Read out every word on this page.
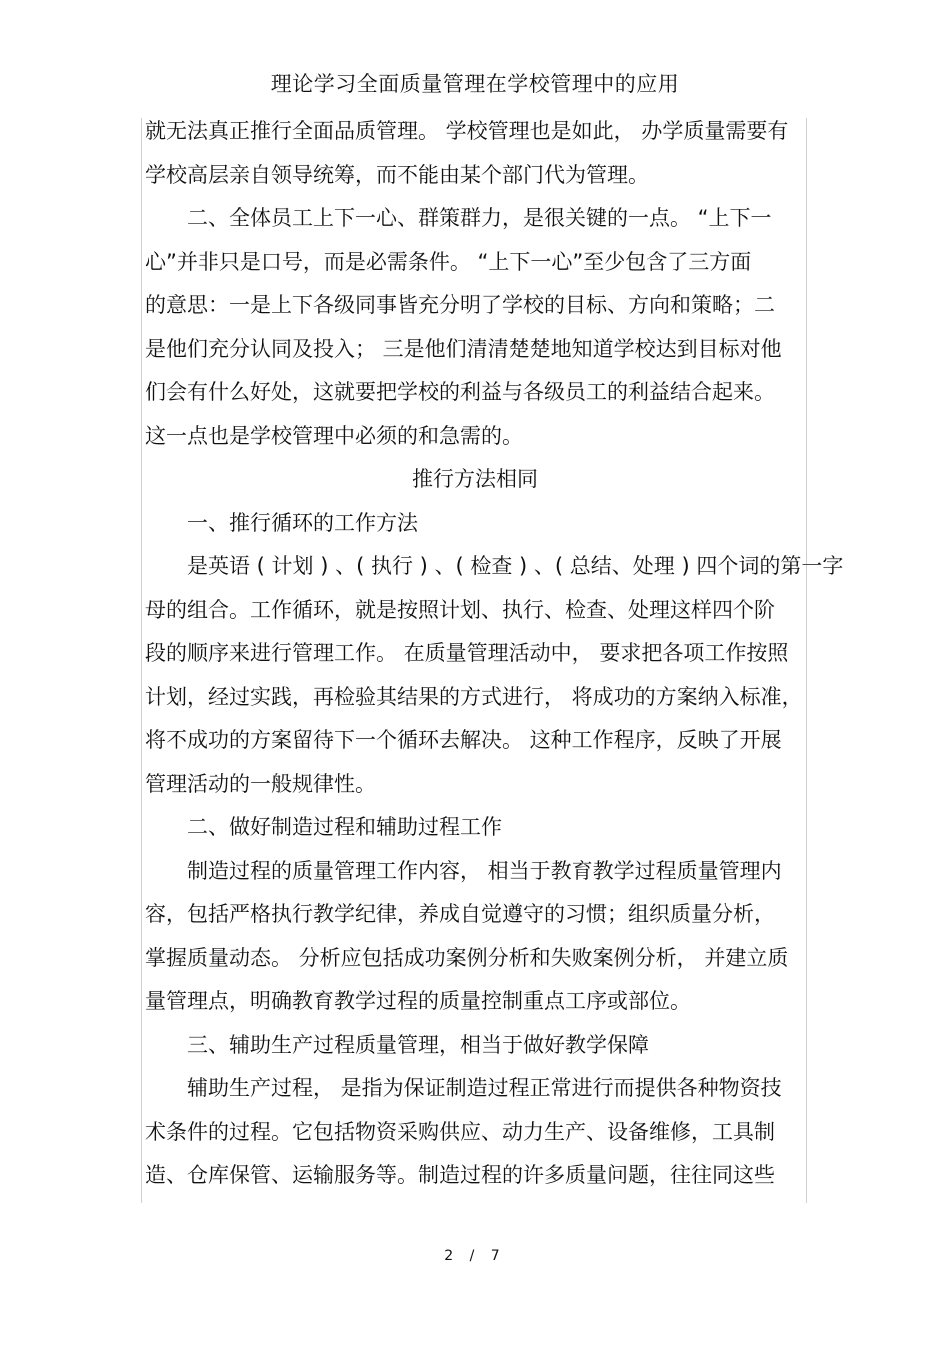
理论学习全面质量管理在学校管理中的应用
就无法真正推行全面品质管理。 学校管理也是如此， 办学质量需要有
学校高层亲自领导统筹，而不能由某个部门代为管理。
二、全体员工上下一心、群策群力，是很关键的一点。 “上下一
心”并非只是口号，而是必需条件。 “上下一心”至少包含了三方面
的意思：一是上下各级同事皆充分明了学校的目标、方向和策略；二
是他们充分认同及投入； 三是他们清清楚楚地知道学校达到目标对他
们会有什么好处，这就要把学校的利益与各级员工的利益结合起来。
这一点也是学校管理中必须的和急需的。
推行方法相同
一、推行循环的工作方法
是英语 ( 计划 ) 、( 执行 ) 、( 检查 ) 、( 总结、处理 ) 四个词的第一字
母的组合。工作循环，就是按照计划、执行、检查、处理这样四个阶
段的顺序来进行管理工作。 在质量管理活动中， 要求把各项工作按照
计划，经过实践，再检验其结果的方式进行， 将成功的方案纳入标准，
将不成功的方案留待下一个循环去解决。 这种工作程序，反映了开展
管理活动的一般规律性。
二、做好制造过程和辅助过程工作
制造过程的质量管理工作内容， 相当于教育教学过程质量管理内
容，包括严格执行教学纪律，养成自觉遵守的习惯；组织质量分析，
掌握质量动态。 分析应包括成功案例分析和失败案例分析， 并建立质
量管理点，明确教育教学过程的质量控制重点工序或部位。
三、辅助生产过程质量管理，相当于做好教学保障
辅助生产过程， 是指为保证制造过程正常进行而提供各种物资技
术条件的过程。它包括物资采购供应、动力生产、设备维修，工具制
造、仓库保管、运输服务等。制造过程的许多质量问题，往往同这些
2 / 7
